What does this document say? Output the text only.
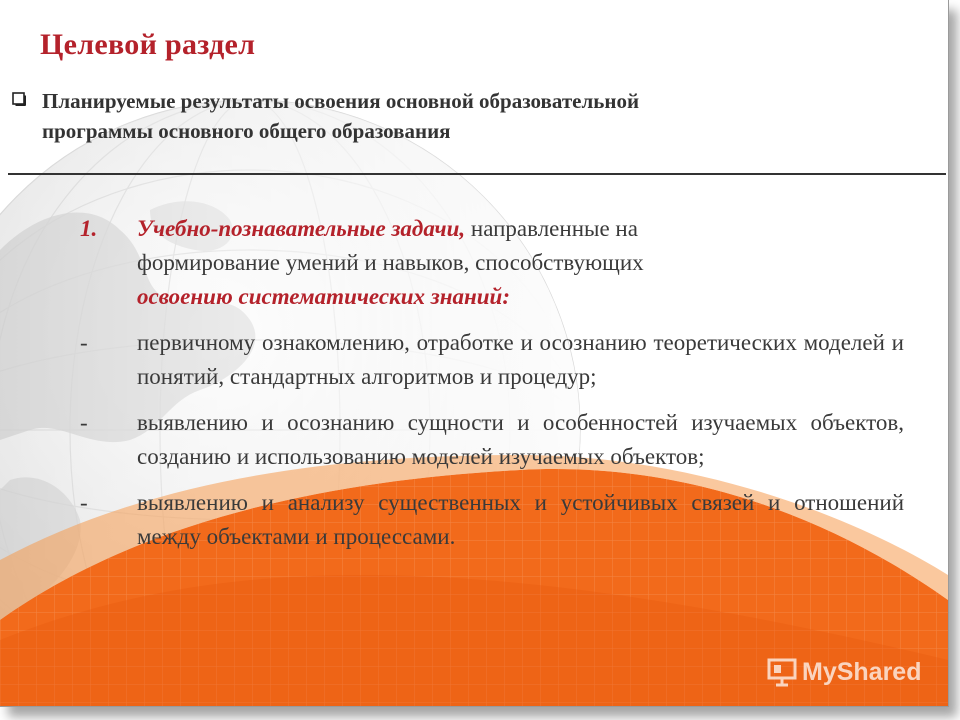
Целевой раздел
Планируемые результаты освоения основной образовательной
программы основного общего образования
1.	Учебно-познавательные задачи, направленные на
формирование умений и навыков, способствующих
освоению систематических знаний:
-	первичному ознакомлению, отработке и осознанию теоретических моделей и понятий, стандартных алгоритмов и процедур;
-	выявлению и осознанию сущности и особенностей изучаемых объектов, созданию и использованию моделей изучаемых объектов;
-	выявлению и анализу существенных и устойчивых связей и отношений между объектами и процессами.
MyShared
